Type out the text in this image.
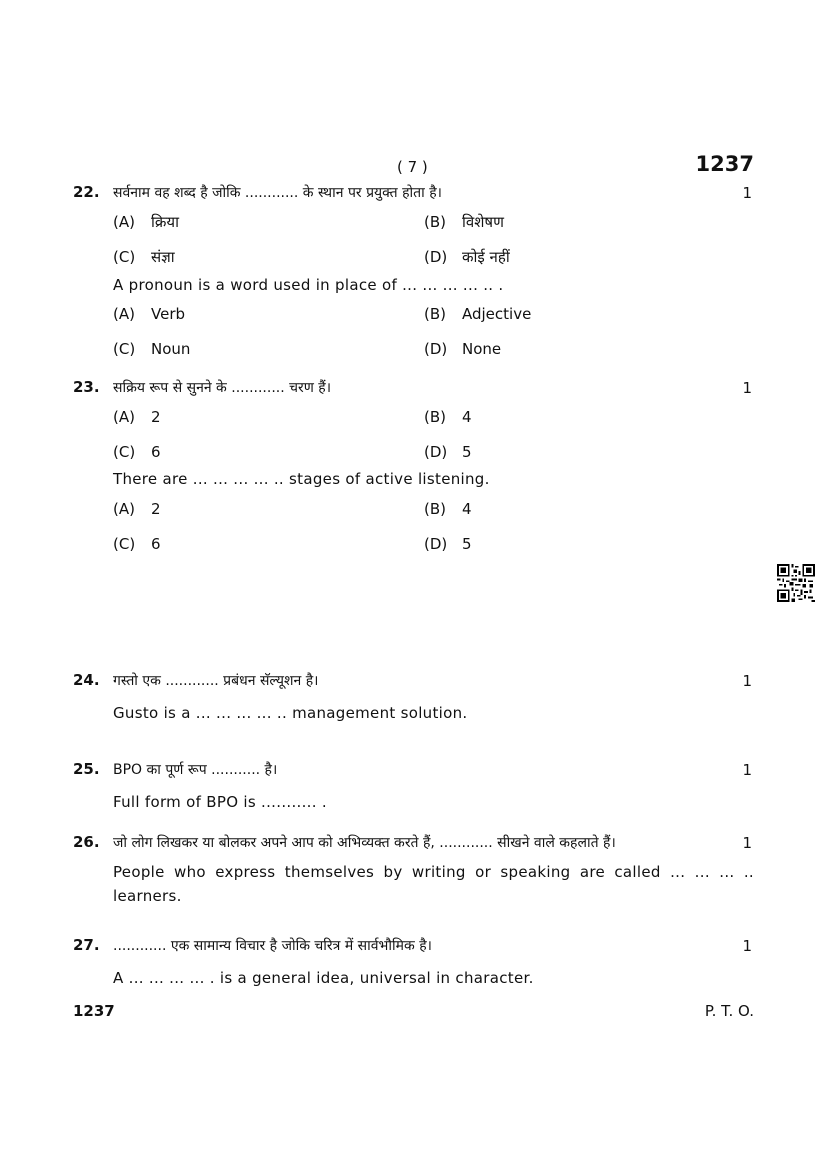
( 7 )	1237
22. सर्वनाम वह शब्द है जोकि ............ के स्थान पर प्रयुक्त होता है।	1
(A) क्रिया	(B) विशेषण
(C) संज्ञा	(D) कोई नहीं
A pronoun is a word used in place of ... ... ... ... .. .
(A) Verb	(B) Adjective
(C) Noun	(D) None
23. सक्रिय रूप से सुनने के ............ चरण हैं।	1
(A) 2	(B) 4
(C) 6	(D) 5
There are ... ... ... ... .. stages of active listening.
(A) 2	(B) 4
(C) 6	(D) 5
24. गस्तो एक ............ प्रबंधन सॅल्यूशन है।	1
Gusto is a ... ... ... ... .. management solution.
25. BPO का पूर्ण रूप ........... है।	1
Full form of BPO is ........... .
26. जो लोग लिखकर या बोलकर अपने आप को अभिव्यक्त करते हैं, ............ सीखने वाले कहलाते हैं।	1
People who express themselves by writing or speaking are called ... ... ... ..
learners.
27. ............ एक सामान्य विचार है जोकि चरित्र में सार्वभौमिक है।	1
A ... ... ... ... . is a general idea, universal in character.
1237	P. T. O.
